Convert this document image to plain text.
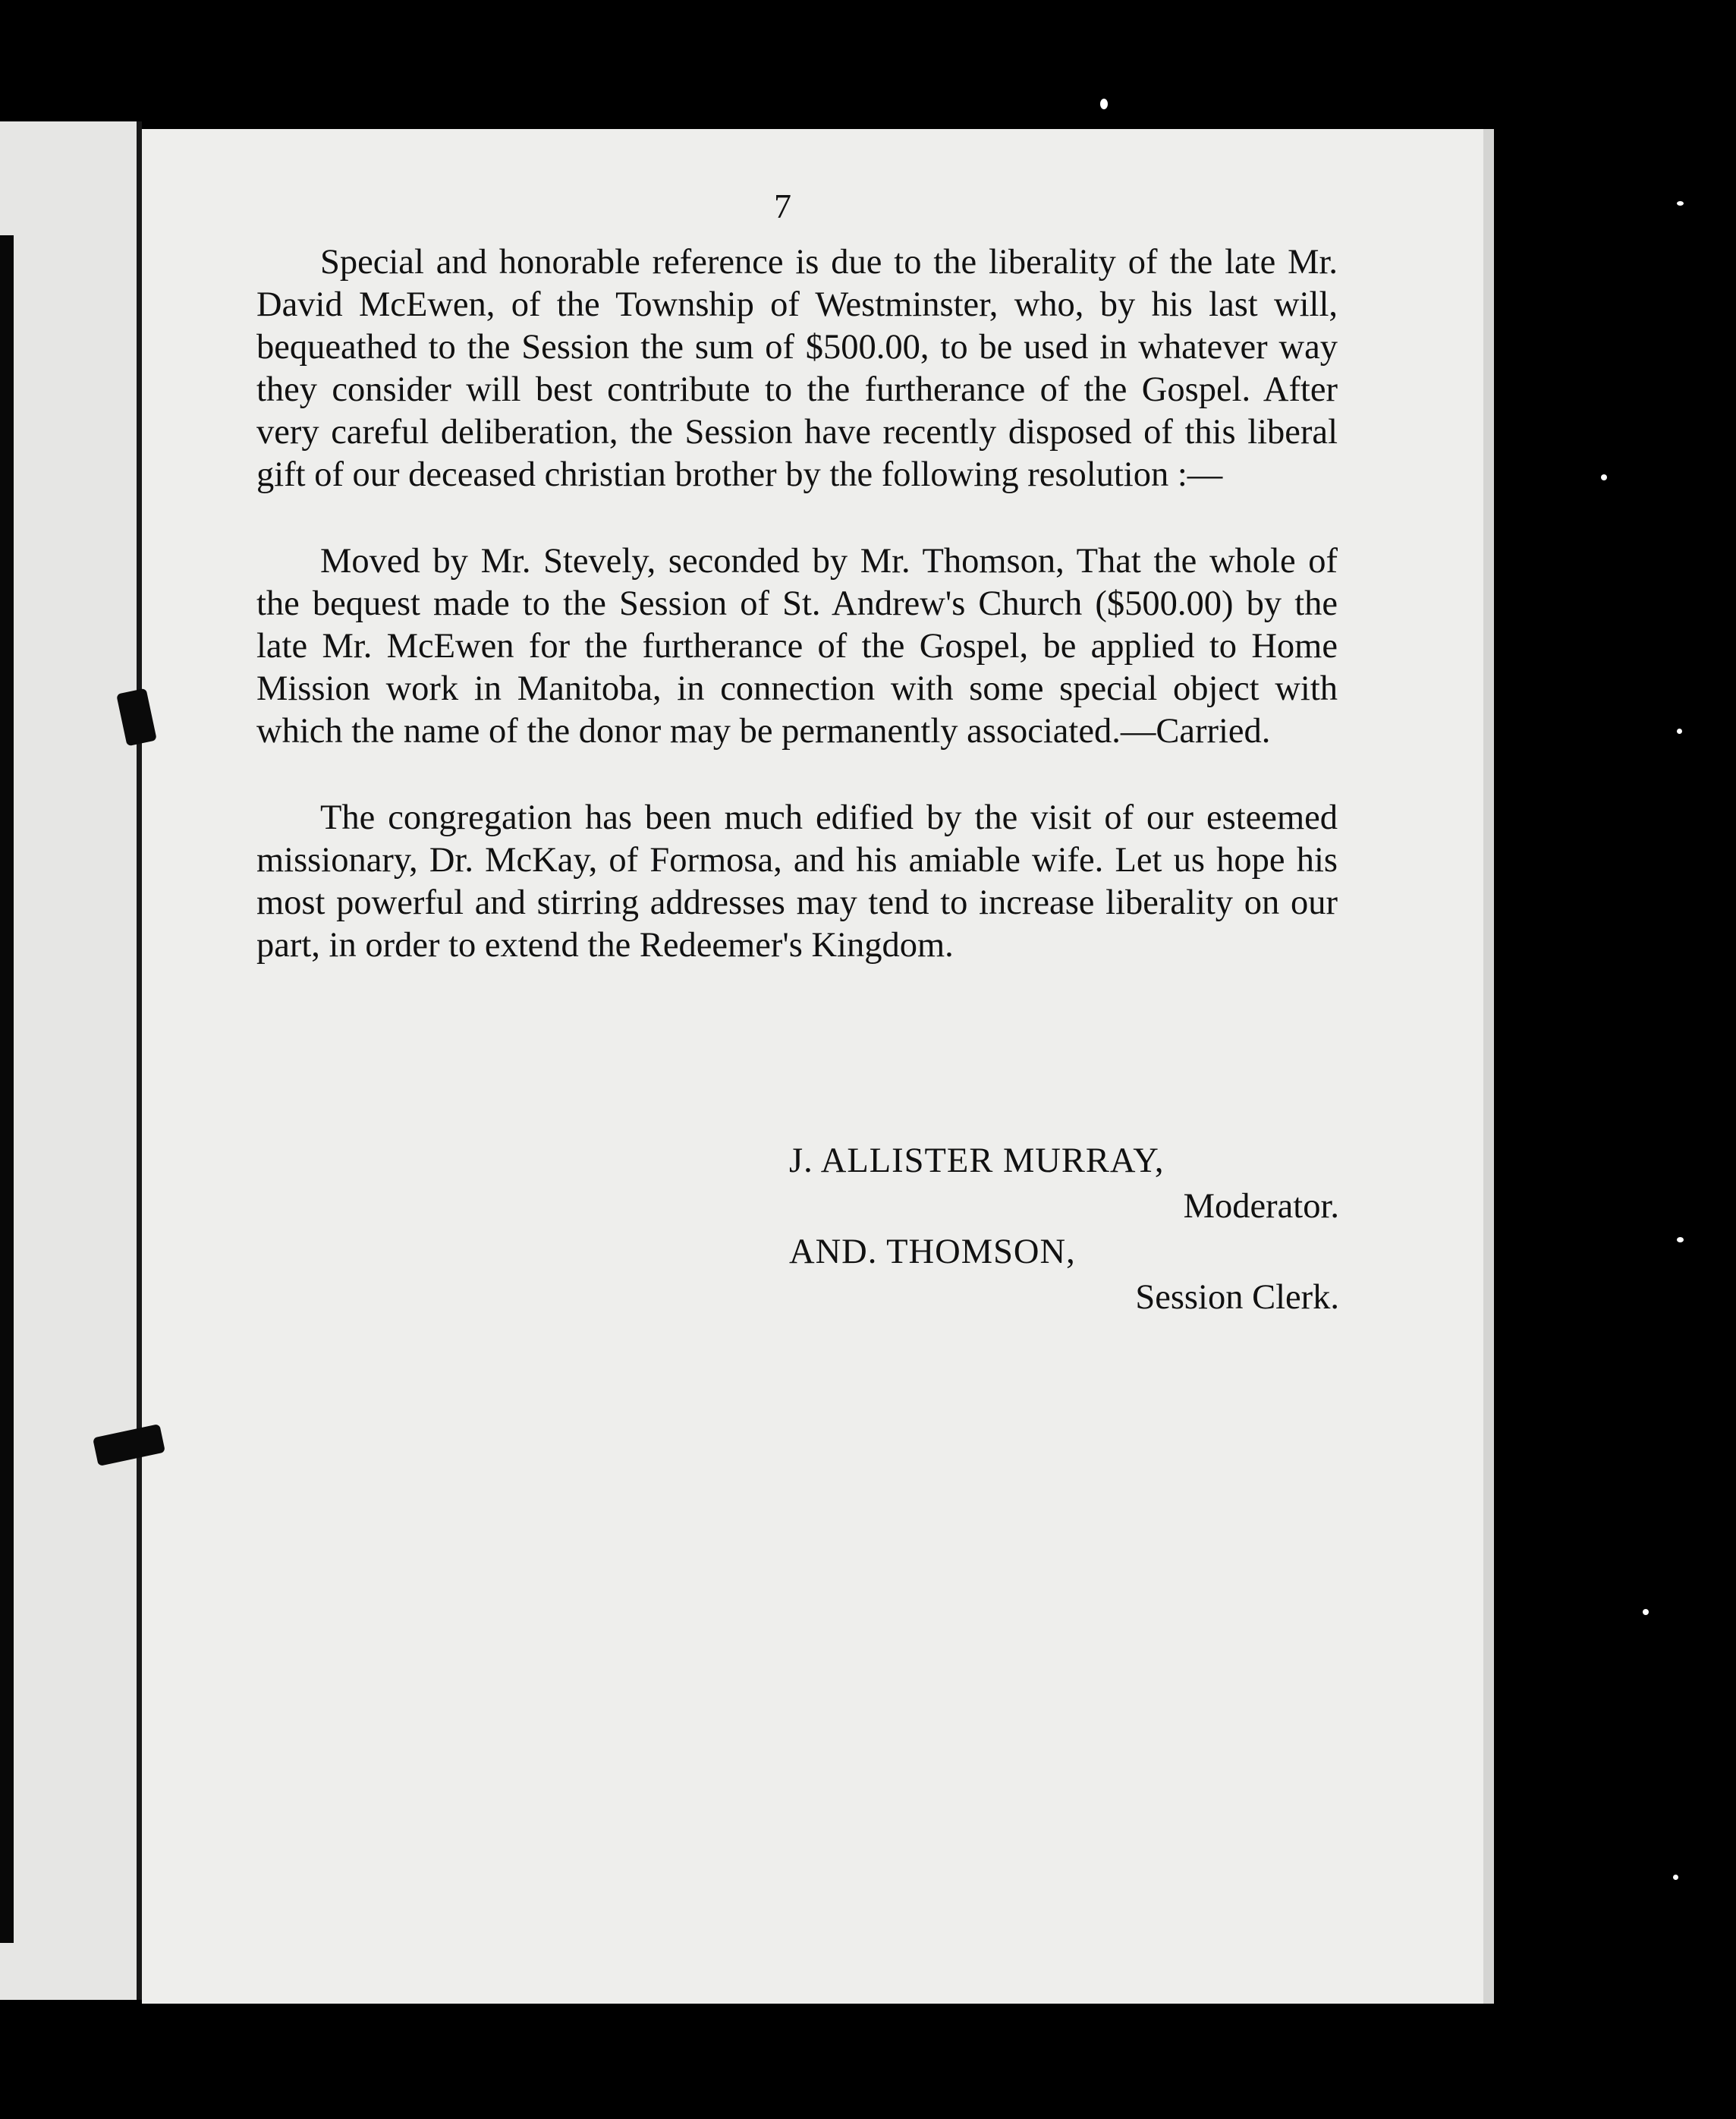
7

Special and honorable reference is due to the liberality of the late Mr. David McEwen, of the Township of Westminster, who, by his last will, bequeathed to the Session the sum of $500.00, to be used in whatever way they consider will best contribute to the furtherance of the Gospel. After very careful deliberation, the Session have recently disposed of this liberal gift of our deceased christian brother by the following resolution :—

Moved by Mr. Stevely, seconded by Mr. Thomson, That the whole of the bequest made to the Session of St. Andrew's Church ($500.00) by the late Mr. McEwen for the furtherance of the Gospel, be applied to Home Mission work in Manitoba, in connection with some special object with which the name of the donor may be permanently associated.—Carried.

The congregation has been much edified by the visit of our esteemed missionary, Dr. McKay, of Formosa, and his amiable wife. Let us hope his most powerful and stirring addresses may tend to increase liberality on our part, in order to extend the Redeemer's Kingdom.

J. ALLISTER MURRAY,
Moderator.
AND. THOMSON,
Session Clerk.
